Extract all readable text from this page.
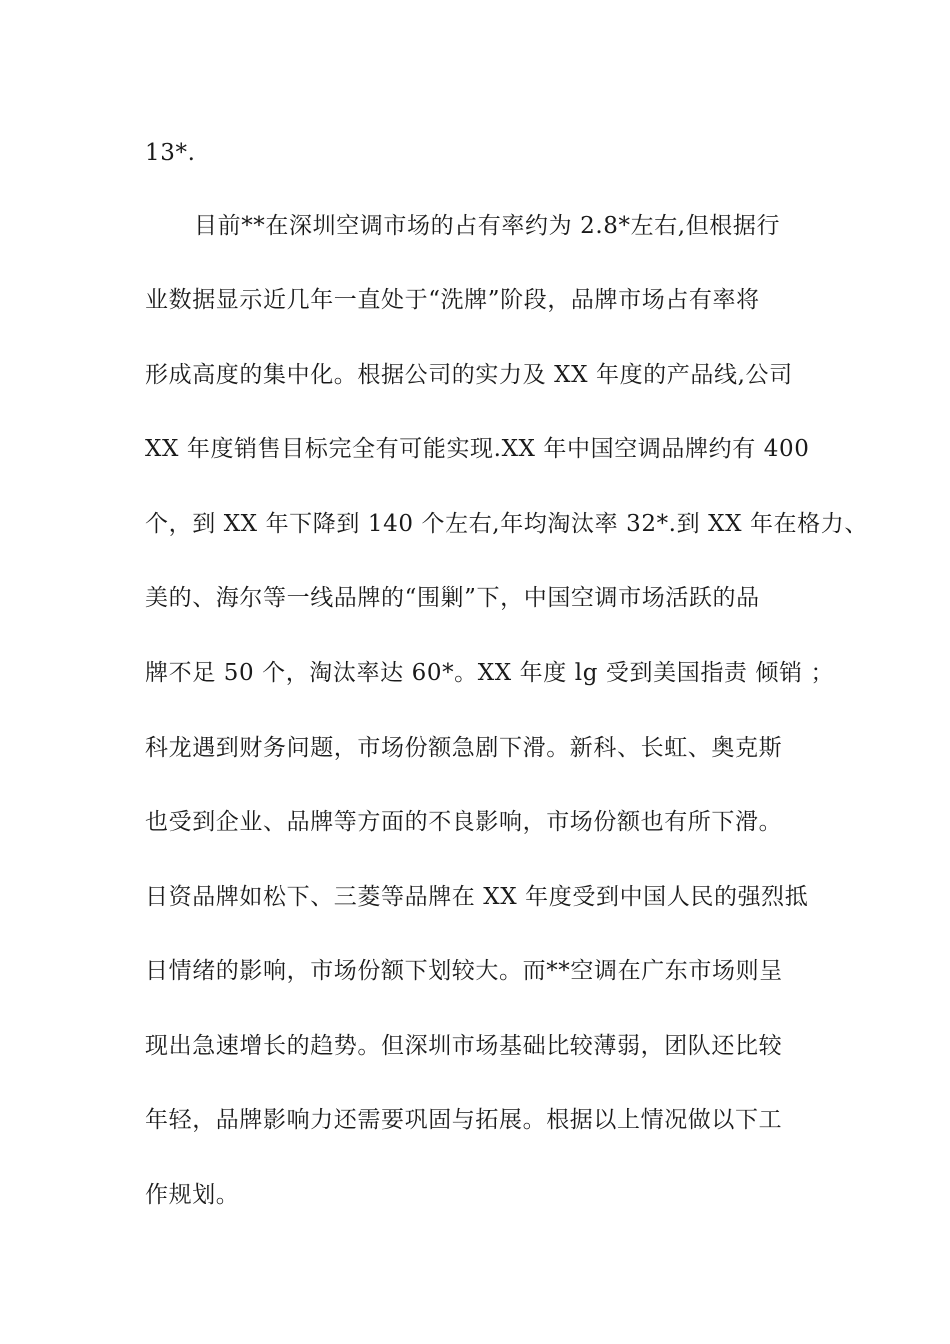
13*.
目前**在深圳空调市场的占有率约为 2.8*左右,但根据行
业数据显示近几年一直处于“洗牌”阶段，品牌市场占有率将
形成高度的集中化。根据公司的实力及 XX 年度的产品线,公司
XX 年度销售目标完全有可能实现.XX 年中国空调品牌约有 400
个，到 XX 年下降到 140 个左右,年均淘汰率 32*.到 XX 年在格力、
美的、海尔等一线品牌的“围剿”下，中国空调市场活跃的品
牌不足 50 个，淘汰率达 60*。XX 年度 lg 受到美国指责 倾销 ；
科龙遇到财务问题，市场份额急剧下滑。新科、长虹、奥克斯
也受到企业、品牌等方面的不良影响，市场份额也有所下滑。
日资品牌如松下、三菱等品牌在 XX 年度受到中国人民的强烈抵
日情绪的影响，市场份额下划较大。而**空调在广东市场则呈
现出急速增长的趋势。但深圳市场基础比较薄弱，团队还比较
年轻，品牌影响力还需要巩固与拓展。根据以上情况做以下工
作规划。
